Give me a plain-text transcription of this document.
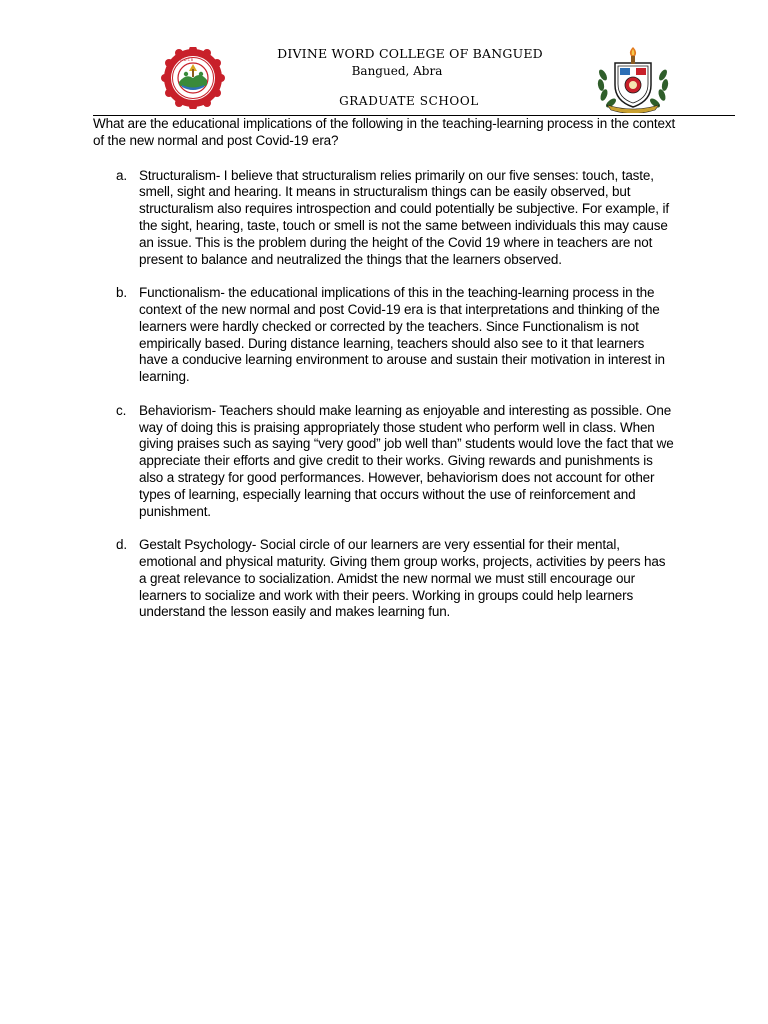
D W C B	DIVINE WORD COLLEGE OF BANGUED
Bangued, Abra
GRADUATE SCHOOL

What are the educational implications of the following in the teaching-learning process in the context of the new normal and post Covid-19 era?

a. Structuralism- I believe that structuralism relies primarily on our five senses: touch, taste, smell, sight and hearing. It means in structuralism things can be easily observed, but structuralism also requires introspection and could potentially be subjective. For example, if the sight, hearing, taste, touch or smell is not the same between individuals this may cause an issue. This is the problem during the height of the Covid 19 where in teachers are not present to balance and neutralized the things that the learners observed.
b. Functionalism- the educational implications of this in the teaching-learning process in the context of the new normal and post Covid-19 era is that interpretations and thinking of the learners were hardly checked or corrected by the teachers. Since Functionalism is not empirically based. During distance learning, teachers should also see to it that learners have a conducive learning environment to arouse and sustain their motivation in interest in learning.
c. Behaviorism- Teachers should make learning as enjoyable and interesting as possible. One way of doing this is praising appropriately those student who perform well in class. When giving praises such as saying “very good” job well than” students would love the fact that we appreciate their efforts and give credit to their works. Giving rewards and punishments is also a strategy for good performances. However, behaviorism does not account for other types of learning, especially learning that occurs without the use of reinforcement and punishment.
d. Gestalt Psychology- Social circle of our learners are very essential for their mental, emotional and physical maturity. Giving them group works, projects, activities by peers has a great relevance to socialization. Amidst the new normal we must still encourage our learners to socialize and work with their peers. Working in groups could help learners understand the lesson easily and makes learning fun.
